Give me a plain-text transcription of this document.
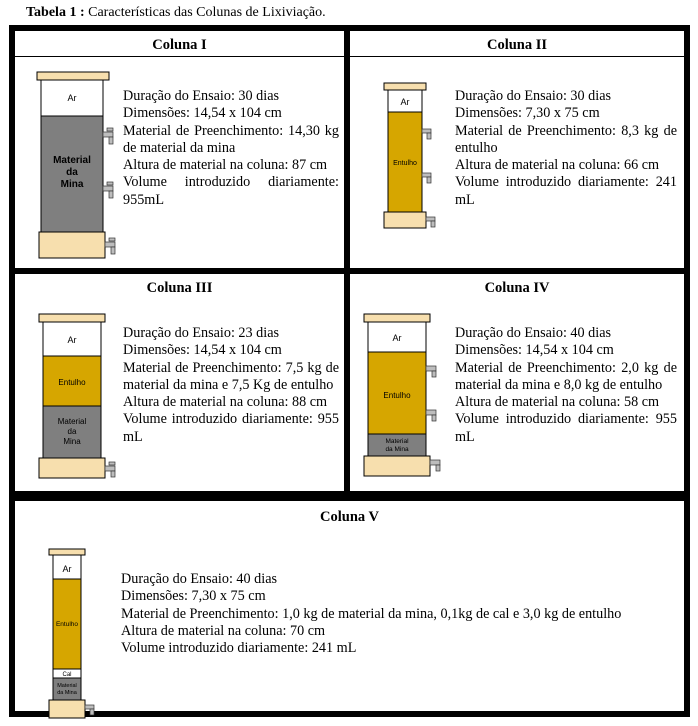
Tabela 1 : Características das Colunas de Lixiviação.
Coluna I
Ar
Material da Mina
Duração do Ensaio: 30 dias
Dimensões: 14,54 x 104 cm
Material de Preenchimento: 14,30 kg de material da mina
Altura de material na coluna: 87 cm
Volume introduzido diariamente: 955mL
Coluna II
Ar
Entulho
Duração do Ensaio: 30 dias
Dimensões: 7,30 x 75 cm
Material de Preenchimento: 8,3 kg de entulho
Altura de material na coluna: 66 cm
Volume introduzido diariamente: 241 mL
Coluna III
Ar
Entulho
Material da Mina
Duração do Ensaio: 23 dias
Dimensões: 14,54 x 104 cm
Material de Preenchimento: 7,5 kg de material da mina e 7,5 Kg de entulho
Altura de material na coluna: 88 cm
Volume introduzido diariamente: 955 mL
Coluna IV
Ar
Entulho
Material da Mina
Duração do Ensaio: 40 dias
Dimensões: 14,54 x 104 cm
Material de Preenchimento: 2,0 kg de material da mina e 8,0 kg de entulho
Altura de material na coluna: 58 cm
Volume introduzido diariamente: 955 mL
Coluna V
Ar
Entulho
Cal
Material da Mina
Duração do Ensaio: 40 dias
Dimensões: 7,30 x 75 cm
Material de Preenchimento: 1,0 kg de material da mina, 0,1kg de cal e 3,0 kg de entulho
Altura de material na coluna: 70 cm
Volume introduzido diariamente: 241 mL
